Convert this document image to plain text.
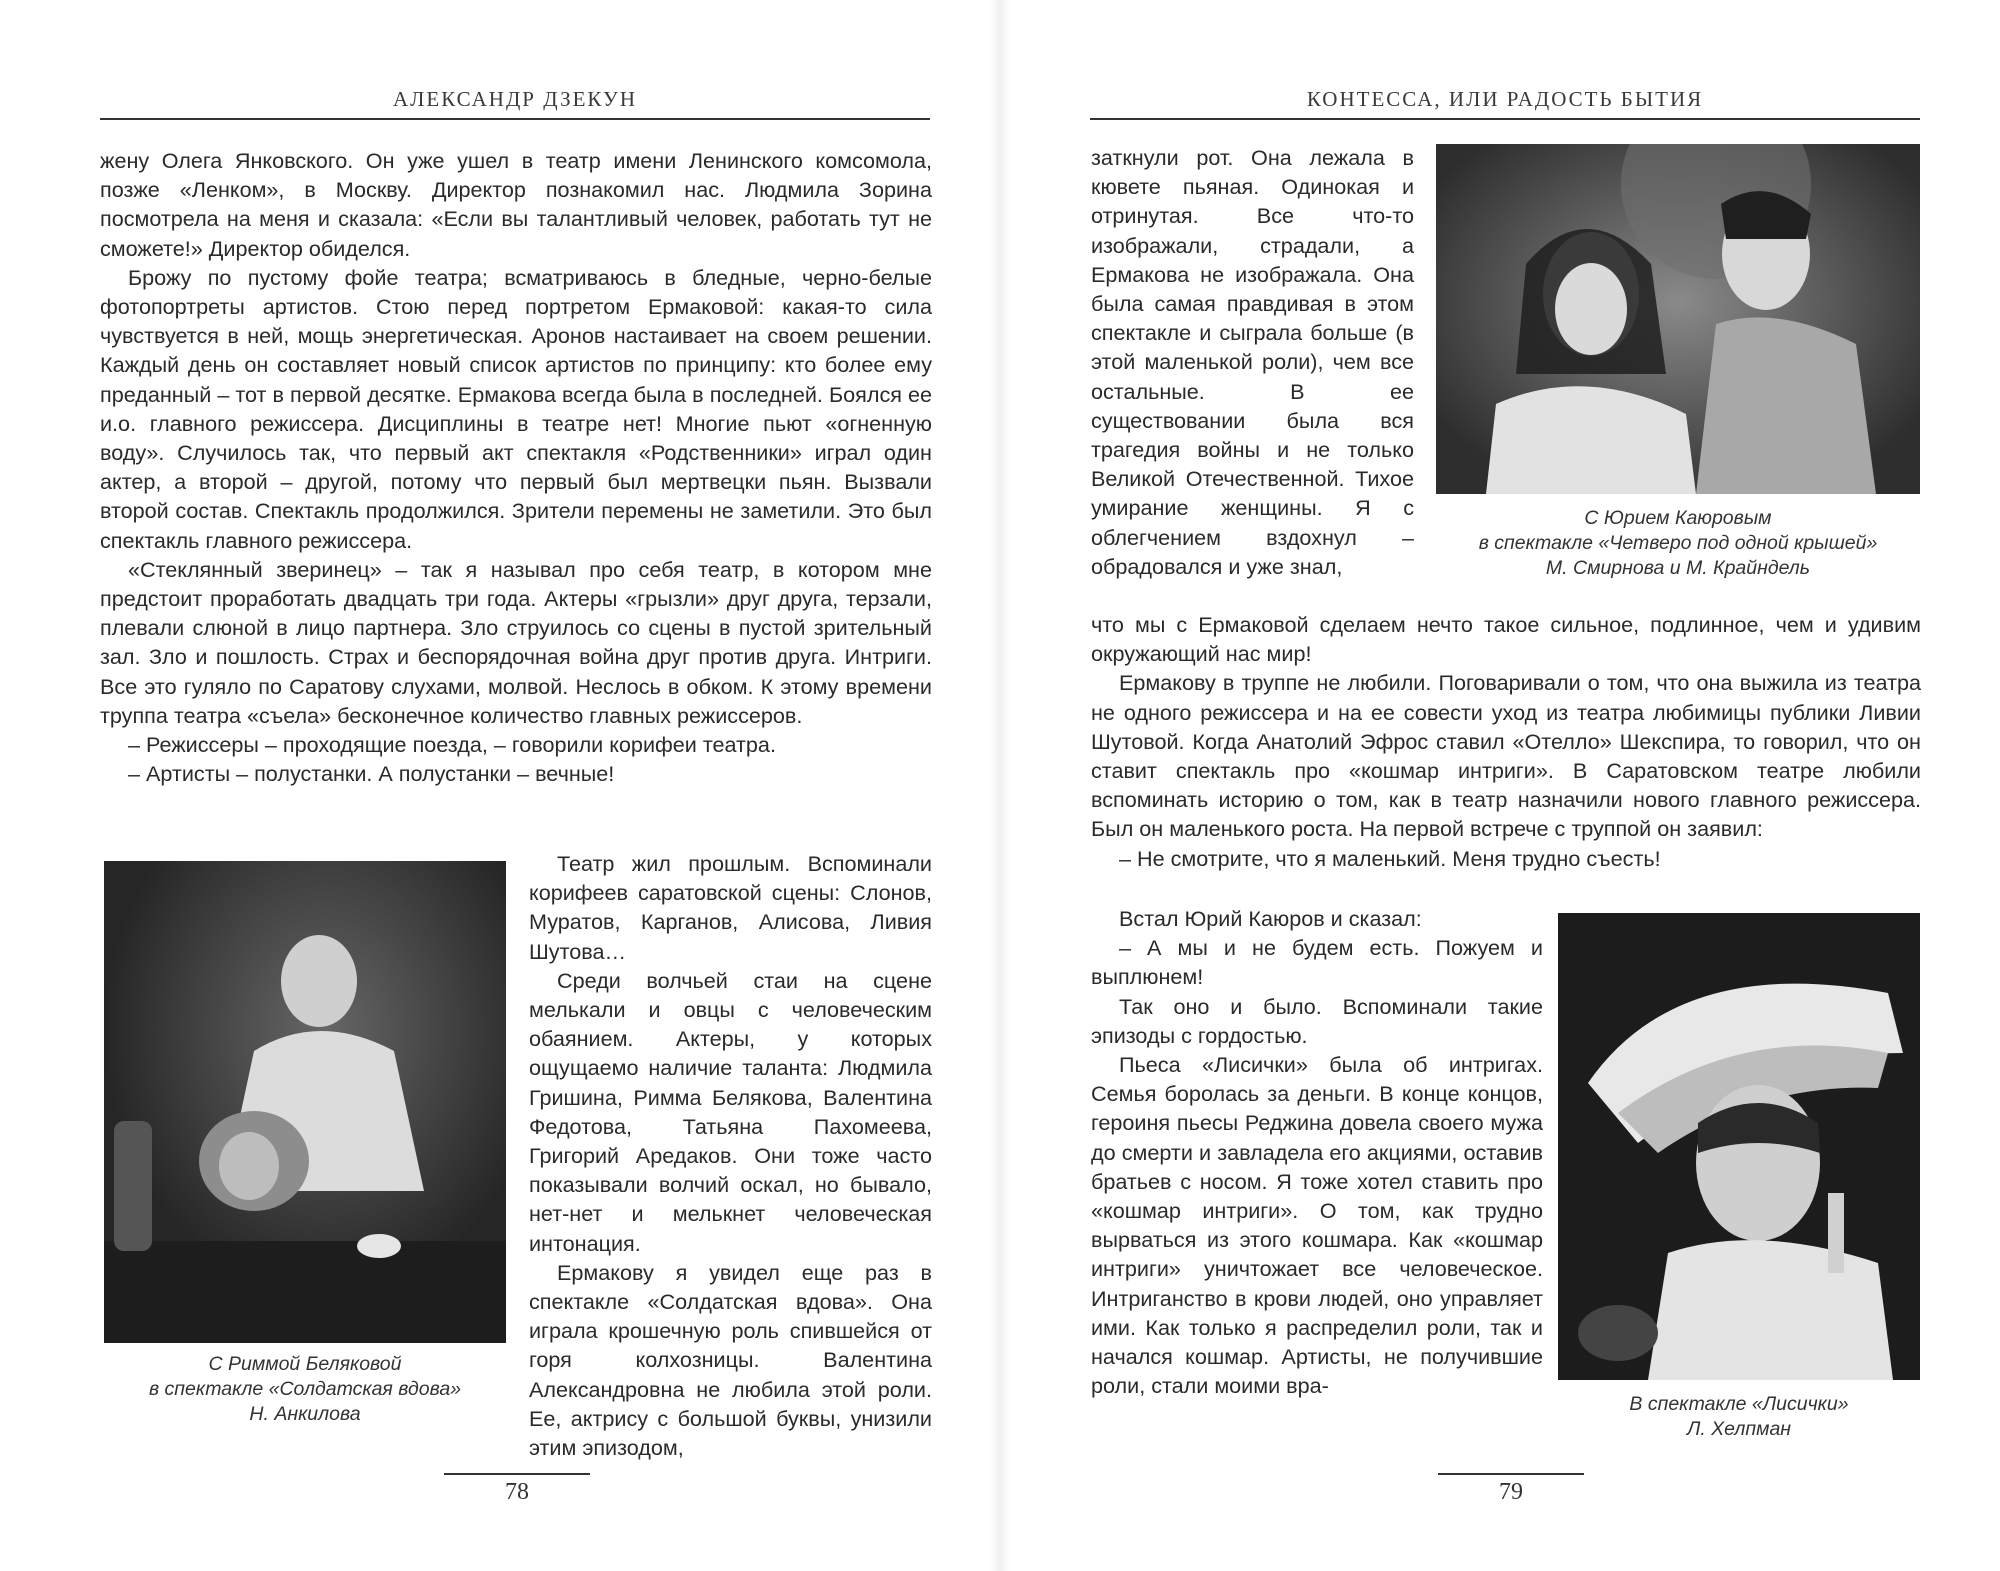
АЛЕКСАНДР ДЗЕКУН

жену Олега Янковского. Он уже ушел в театр имени Ленинского комсомола, позже «Ленком», в Москву. Директор познакомил нас. Людмила Зорина посмотрела на меня и сказала: «Если вы талантливый человек, работать тут не сможете!» Директор обиделся.

Брожу по пустому фойе театра; всматриваюсь в бледные, черно-белые фотопортреты артистов. Стою перед портретом Ермаковой: какая-то сила чувствуется в ней, мощь энергетическая. Аронов настаивает на своем решении. Каждый день он составляет новый список артистов по принципу: кто более ему преданный – тот в первой десятке. Ермакова всегда была в последней. Боялся ее и.о. главного режиссера. Дисциплины в театре нет! Многие пьют «огненную воду». Случилось так, что первый акт спектакля «Родственники» играл один актер, а второй – другой, потому что первый был мертвецки пьян. Вызвали второй состав. Спектакль продолжился. Зрители перемены не заметили. Это был спектакль главного режиссера.

«Стеклянный зверинец» – так я называл про себя театр, в котором мне предстоит проработать двадцать три года. Актеры «грызли» друг друга, терзали, плевали слюной в лицо партнера. Зло струилось со сцены в пустой зрительный зал. Зло и пошлость. Страх и беспорядочная война друг против друга. Интриги. Все это гуляло по Саратову слухами, молвой. Неслось в обком. К этому времени труппа театра «съела» бесконечное количество главных режиссеров.

– Режиссеры – проходящие поезда, – говорили корифеи театра.

– Артисты – полустанки. А полустанки – вечные!

С Риммой Беляковой
в спектакле «Солдатская вдова»
Н. Анкилова

Театр жил прошлым. Вспоминали корифеев саратовской сцены: Слонов, Муратов, Карганов, Алисова, Ливия Шутова…

Среди волчьей стаи на сцене мелькали и овцы с человеческим обаянием. Актеры, у которых ощущаемо наличие таланта: Людмила Гришина, Римма Белякова, Валентина Федотова, Татьяна Пахомеева, Григорий Аредаков. Они тоже часто показывали волчий оскал, но бывало, нет-нет и мелькнет человеческая интонация.

Ермакову я увидел еще раз в спектакле «Солдатская вдова». Она играла крошечную роль спившейся от горя колхозницы. Валентина Александровна не любила этой роли. Ее, актрису с большой буквы, унизили этим эпизодом,

78
КОНТЕССА, ИЛИ РАДОСТЬ БЫТИЯ

заткнули рот. Она лежала в кювете пьяная. Одинокая и отринутая. Все что-то изображали, страдали, а Ермакова не изображала. Она была самая правдивая в этом спектакле и сыграла больше (в этой маленькой роли), чем все остальные. В ее существовании была вся трагедия войны и не только Великой Отечественной. Тихое умирание женщины. Я с облегчением вздохнул – обрадовался и уже знал,

С Юрием Каюровым
в спектакле «Четверо под одной крышей»
М. Смирнова и М. Крайндель

что мы с Ермаковой сделаем нечто такое сильное, подлинное, чем и удивим окружающий нас мир!

Ермакову в труппе не любили. Поговаривали о том, что она выжила из театра не одного режиссера и на ее совести уход из театра любимицы публики Ливии Шутовой. Когда Анатолий Эфрос ставил «Отелло» Шекспира, то говорил, что он ставит спектакль про «кошмар интриги». В Саратовском театре любили вспоминать историю о том, как в театр назначили нового главного режиссера. Был он маленького роста. На первой встрече с труппой он заявил:

– Не смотрите, что я маленький. Меня трудно съесть!

Встал Юрий Каюров и сказал:

– А мы и не будем есть. Пожуем и выплюнем!

Так оно и было. Вспоминали такие эпизоды с гордостью.

Пьеса «Лисички» была об интригах. Семья боролась за деньги. В конце концов, героиня пьесы Реджина довела своего мужа до смерти и завладела его акциями, оставив братьев с носом. Я тоже хотел ставить про «кошмар интриги». О том, как трудно вырваться из этого кошмара. Как «кошмар интриги» уничтожает все человеческое. Интриганство в крови людей, оно управляет ими. Как только я распределил роли, так и начался кошмар. Артисты, не получившие роли, стали моими вра-

В спектакле «Лисички»
Л. Хелпман
79
